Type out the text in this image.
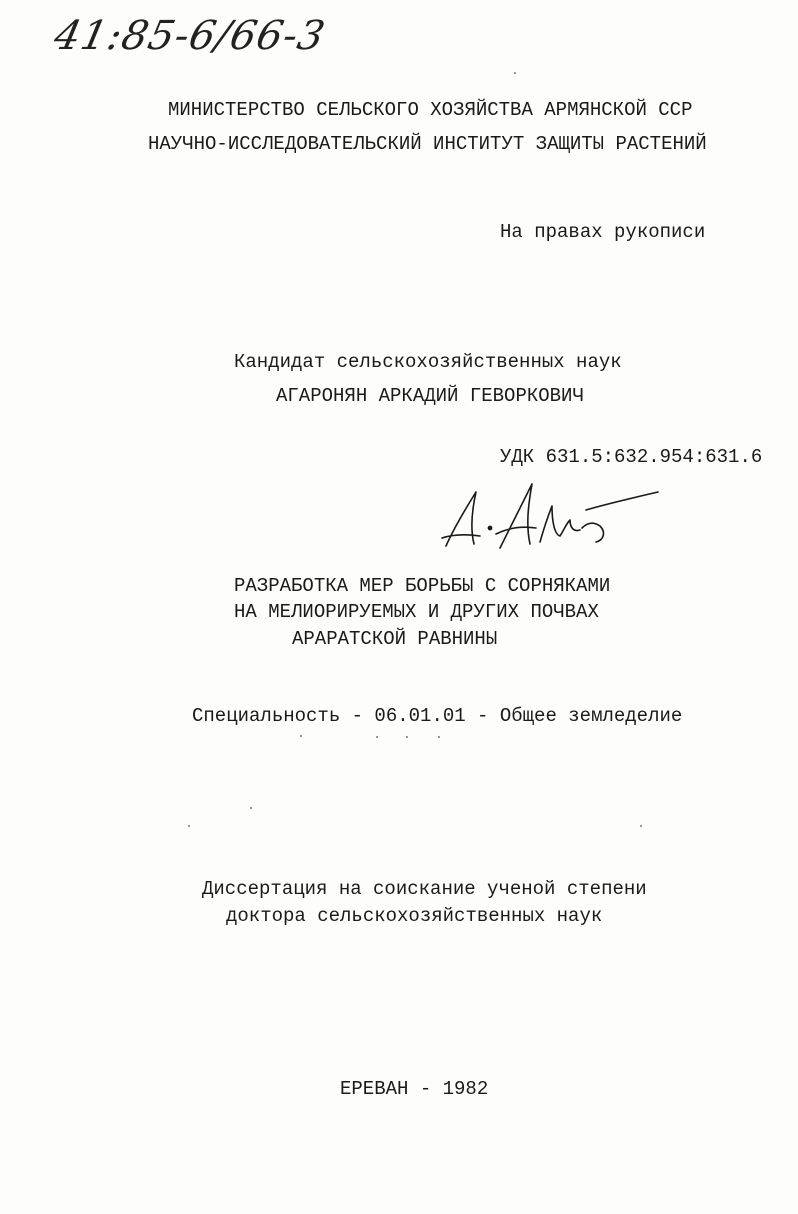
41:85-6/66-3
МИНИСТЕРСТВО СЕЛЬСКОГО ХОЗЯЙСТВА АРМЯНСКОЙ ССР
НАУЧНО-ИССЛЕДОВАТЕЛЬСКИЙ ИНСТИТУТ ЗАЩИТЫ РАСТЕНИЙ
На правах рукописи
Кандидат сельскохозяйственных наук
АГАРОНЯН АРКАДИЙ ГЕВОРКОВИЧ
УДК 631.5:632.954:631.6
РАЗРАБОТКА МЕР БОРЬБЫ С СОРНЯКАМИ
НА МЕЛИОРИРУЕМЫХ И ДРУГИХ ПОЧВАХ
АРАРАТСКОЙ РАВНИНЫ
Специальность - 06.01.01 - Общее земледелие
Диссертация на соискание ученой степени
доктора сельскохозяйственных наук
ЕРЕВАН - 1982
